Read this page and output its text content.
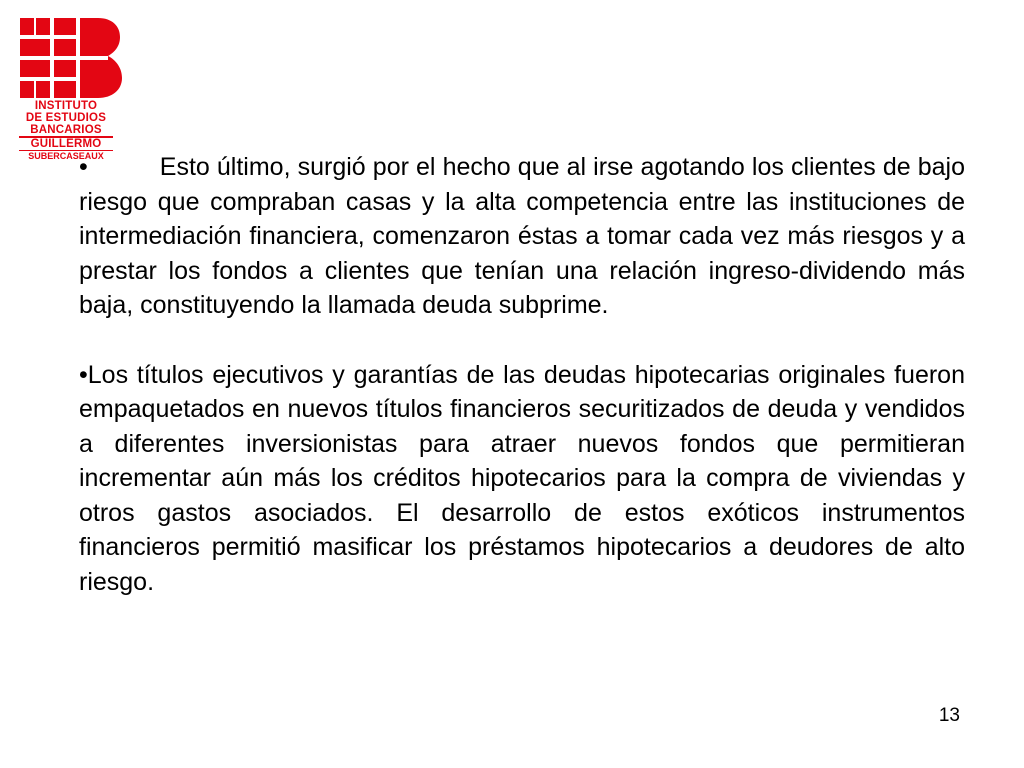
INSTITUTO
DE ESTUDIOS
BANCARIOS
GUILLERMO
SUBERCASEAUX

•	Esto último, surgió por el hecho que al irse agotando los clientes de bajo riesgo que compraban casas y la alta competencia entre las instituciones de intermediación financiera, comenzaron éstas a tomar cada vez más riesgos y a prestar los fondos a clientes que tenían una relación ingreso-dividendo más baja, constituyendo la llamada deuda subprime.

•Los títulos ejecutivos y garantías de las deudas hipotecarias originales fueron empaquetados en nuevos títulos financieros securitizados de deuda y vendidos a diferentes inversionistas para atraer nuevos fondos que permitieran incrementar aún más los créditos hipotecarios para la compra de viviendas y otros gastos asociados. El desarrollo de estos exóticos instrumentos financieros permitió masificar los préstamos hipotecarios a deudores de alto riesgo.

13
